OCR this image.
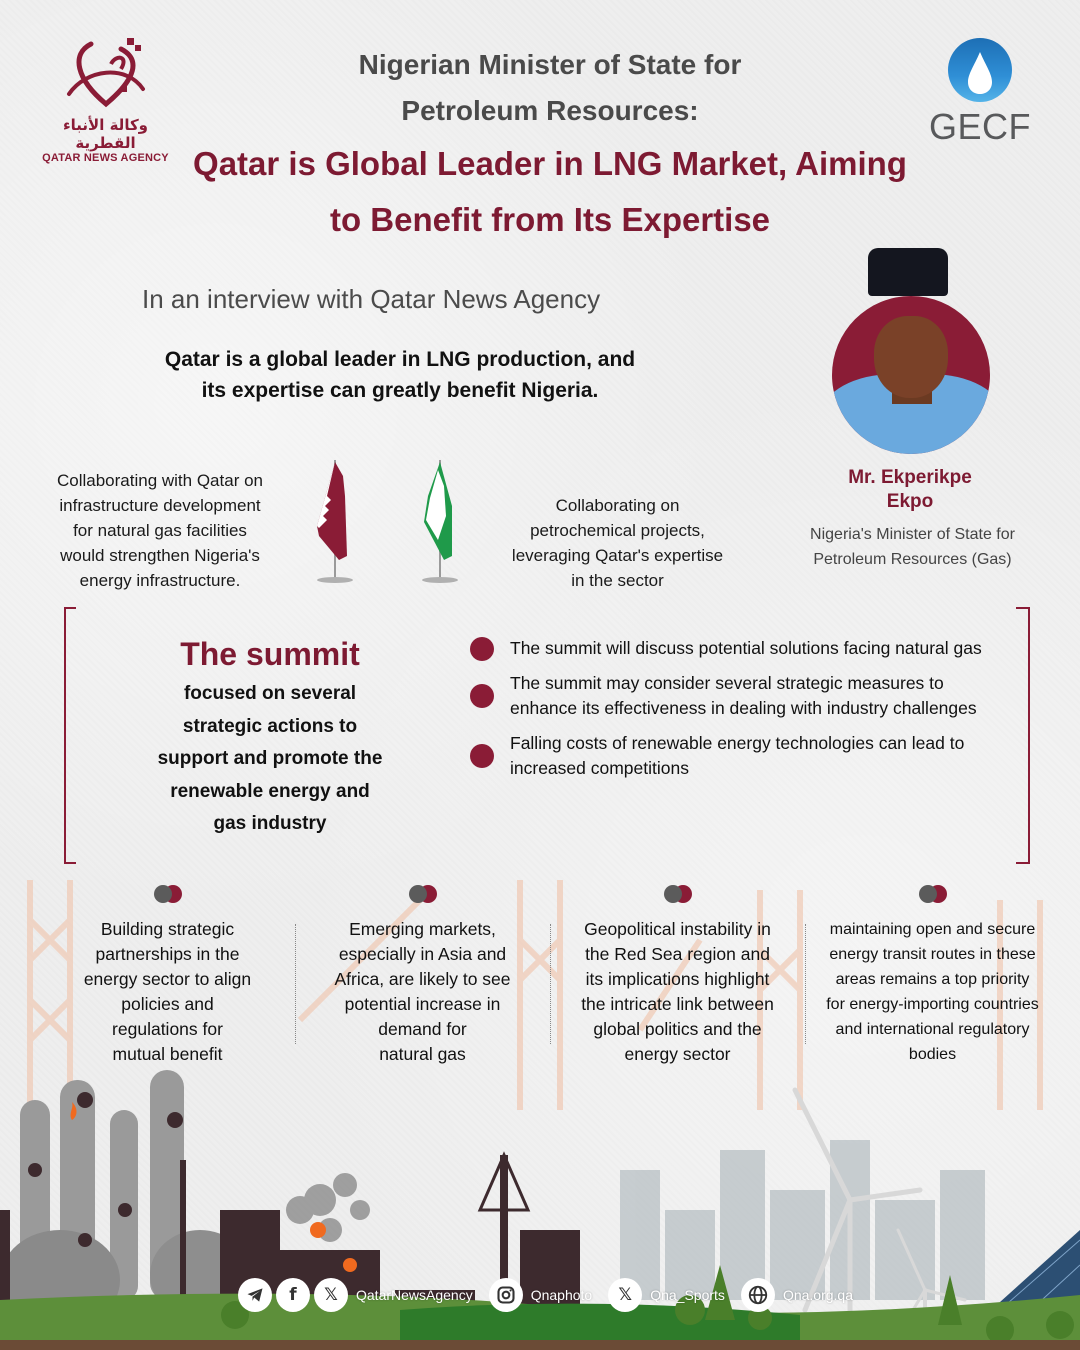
وكالة الأنباء القطرية
QATAR NEWS AGENCY
GECF
Nigerian Minister of State for
Petroleum Resources:
Qatar is Global Leader in LNG Market, Aiming
to Benefit from Its Expertise
In an interview with Qatar News Agency
Qatar is a global leader in LNG production, and
its expertise can greatly benefit Nigeria.
Mr. Ekperikpe
Ekpo
Nigeria's Minister of State for
Petroleum Resources (Gas)
Collaborating with Qatar on
infrastructure development
for natural gas facilities
would strengthen Nigeria's
energy infrastructure.
Collaborating on
petrochemical projects,
leveraging Qatar's expertise
in the sector
The summit
focused on several
strategic actions to
support and promote the
renewable energy and
gas industry
The summit will discuss potential solutions facing natural gas
The summit may consider several strategic measures to enhance its effectiveness in dealing with industry challenges
Falling costs of renewable energy technologies can lead to increased competitions
Building strategic
partnerships in the
energy sector to align
policies and
regulations for
mutual benefit
Emerging markets,
especially in Asia and
Africa, are likely to see
potential increase in
demand for
natural gas
Geopolitical instability in
the Red Sea region and
its implications highlight
the intricate link between
global politics and the
energy sector
maintaining open and secure
energy transit routes in these
areas remains a top priority
for energy-importing countries
and international regulatory
bodies
f	𝕏	QatarNewsAgency	Qnaphoto	𝕏	Qna_Sports	Qna.org.qa
